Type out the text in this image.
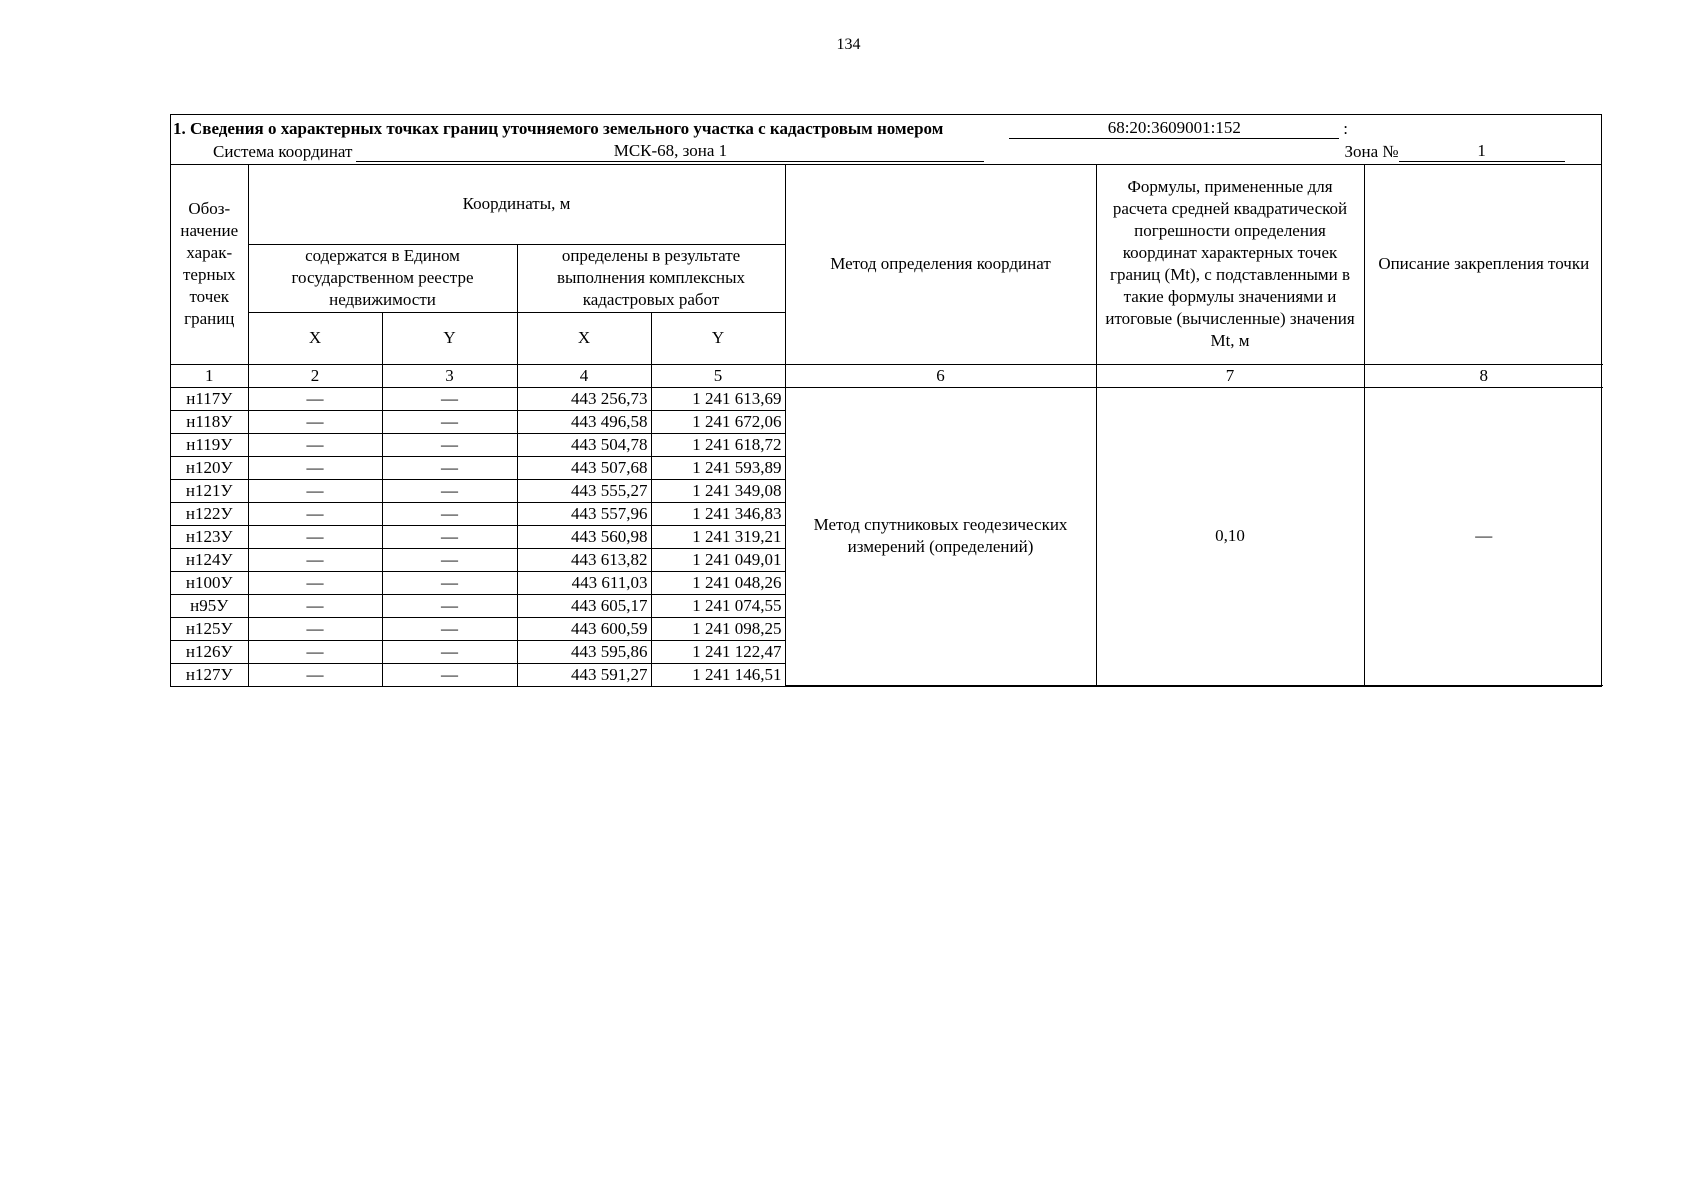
134
1. Сведения о характерных точках границ уточняемого земельного участка с кадастровым номером	68:20:3609001:152	:
Система координат	МСК-68, зона 1	Зона №	1
Обоз- начение харак- терных точек границ	Координаты, м				Метод определения координат	Формулы, примененные для расчета средней квадратической погрешности определения координат характерных точек границ (Mt), с подставленными в такие формулы значениями и итоговые (вычисленные) значения Mt, м	Описание закрепления точки
	содержатся в Едином государственном реестре недвижимости		определены в результате выполнения комплексных кадастровых работ				
	X	Y	X	Y			
1	2	3	4	5	6	7	8
н117У	—	—	443 256,73	1 241 613,69	Метод спутниковых геодезических измерений (определений)	0,10	—
н118У	—	—	443 496,58	1 241 672,06			
н119У	—	—	443 504,78	1 241 618,72			
н120У	—	—	443 507,68	1 241 593,89			
н121У	—	—	443 555,27	1 241 349,08			
н122У	—	—	443 557,96	1 241 346,83			
н123У	—	—	443 560,98	1 241 319,21			
н124У	—	—	443 613,82	1 241 049,01			
н100У	—	—	443 611,03	1 241 048,26			
н95У	—	—	443 605,17	1 241 074,55			
н125У	—	—	443 600,59	1 241 098,25			
н126У	—	—	443 595,86	1 241 122,47			
н127У	—	—	443 591,27	1 241 146,51			
